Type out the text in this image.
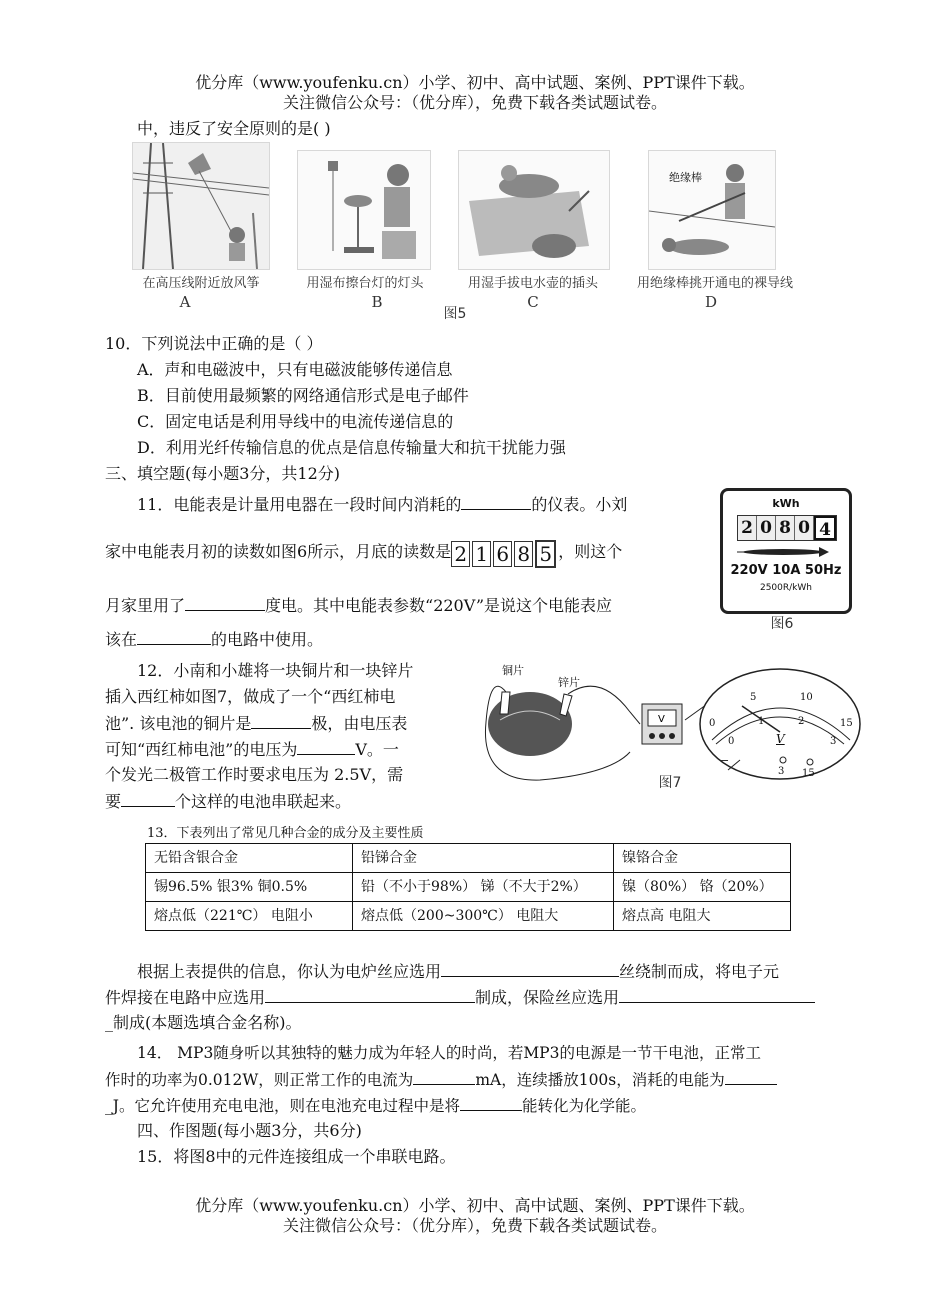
优分库（www.youfenku.cn）小学、初中、高中试题、案例、PPT课件下载。
关注微信公众号：（优分库），免费下载各类试题试卷。
中，违反了安全原则的是( )
绝缘棒
在高压线附近放风筝	用湿布擦台灯的灯头	用湿手拔电水壶的插头	用绝缘棒挑开通电的裸导线
A	B	C	D
图5
10．下列说法中正确的是（ ）
A．声和电磁波中，只有电磁波能够传递信息
B．目前使用最频繁的网络通信形式是电子邮件
C．固定电话是利用导线中的电流传递信息的
D．利用光纤传输信息的优点是信息传输量大和抗干扰能力强
三、填空题(每小题3分，共12分)
11．电能表是计量用电器在一段时间内消耗的	的仪表。小刘
家中电能表月初的读数如图6所示，月底的读数是 2 1 6 8 5 ，则这个
月家里用了	度电。其中电能表参数“220V”是说这个电能表应
该在	的电路中使用。
kWh
2 0 8 0 4
220V 10A 50Hz
2500R/kWh
图6
12．小南和小雄将一块铜片和一块锌片
插入西红柿如图7，做成了一个“西红柿电
池”. 该电池的铜片是	极，由电压表
可知“西红柿电池”的电压为	V。一
个发光二极管工作时要求电压为 2.5V，需
要	个这样的电池串联起来。
V
铜片
锌片
0
5	10
15
0
1	2
3
V
−
3 15
图7
13．下表列出了常见几种合金的成分及主要性质
无铅含银合金	铅锑合金	镍铬合金
锡96.5% 银3% 铜0.5%	铅（不小于98%） 锑（不大于2%）	镍（80%） 铬（20%）
熔点低（221℃） 电阻小	熔点低（200~300℃） 电阻大	熔点高 电阻大
根据上表提供的信息，你认为电炉丝应选用	丝绕制而成，将电子元
件焊接在电路中应选用	制成，保险丝应选用
_制成(本题选填合金名称)。
14． MP3随身听以其独特的魅力成为年轻人的时尚，若MP3的电源是一节干电池，正常工
作时的功率为0.012W，则正常工作的电流为	mA，连续播放100s，消耗的电能为
_J。它允许使用充电电池，则在电池充电过程中是将	能转化为化学能。
四、作图题(每小题3分，共6分)
15．将图8中的元件连接组成一个串联电路。
优分库（www.youfenku.cn）小学、初中、高中试题、案例、PPT课件下载。
关注微信公众号：（优分库），免费下载各类试题试卷。
